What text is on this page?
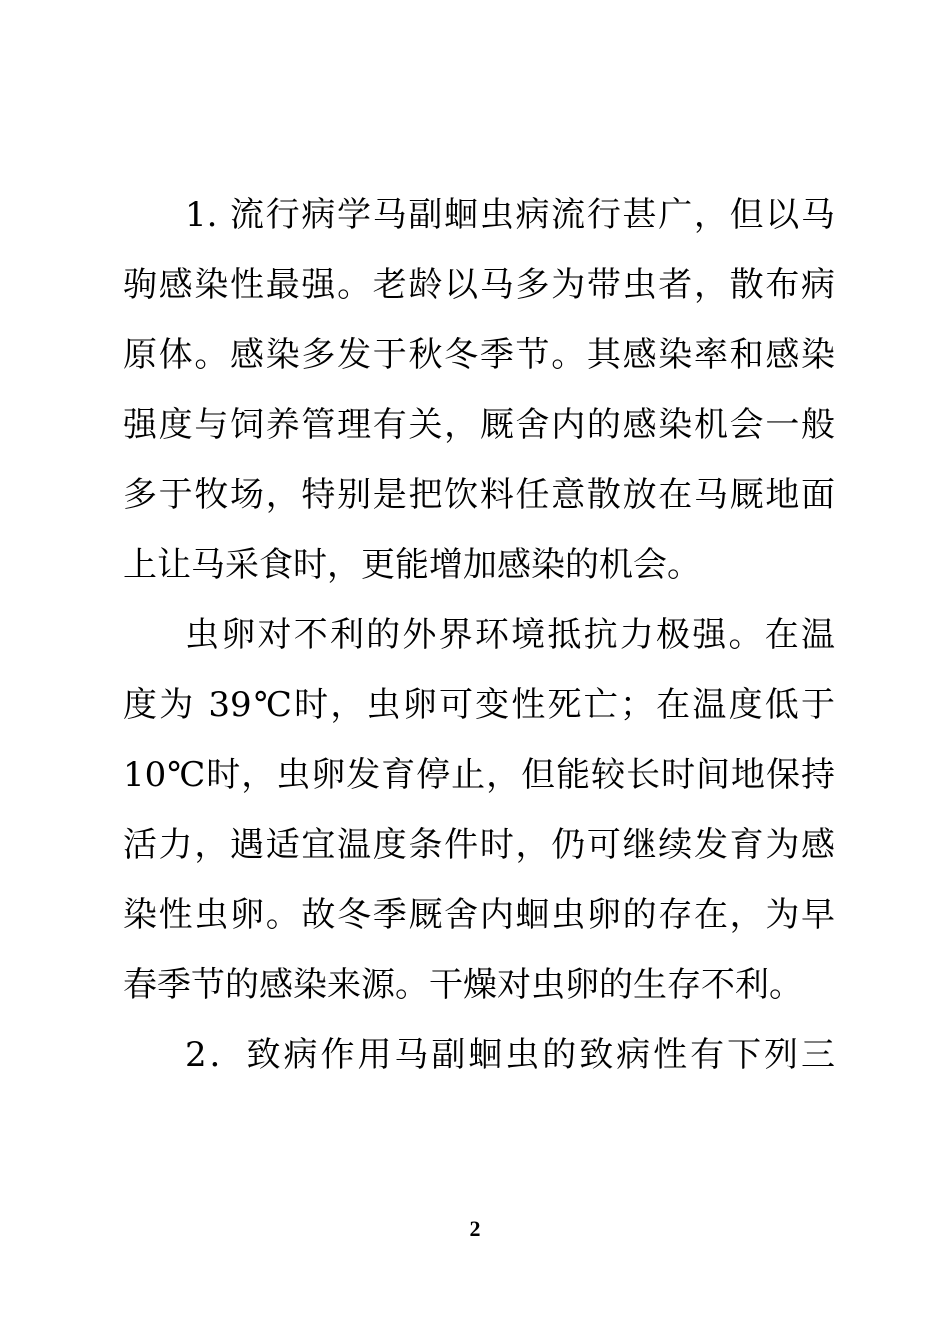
1. 流行病学马副蛔虫病流行甚广，但以马
驹感染性最强。老龄以马多为带虫者，散布病
原体。感染多发于秋冬季节。其感染率和感染
强度与饲养管理有关，厩舍内的感染机会一般
多于牧场，特别是把饮料任意散放在马厩地面
上让马采食时，更能增加感染的机会。
虫卵对不利的外界环境抵抗力极强。在温
度为 39℃时，虫卵可变性死亡；在温度低于
10℃时，虫卵发育停止，但能较长时间地保持
活力，遇适宜温度条件时，仍可继续发育为感
染性虫卵。故冬季厩舍内蛔虫卵的存在，为早
春季节的感染来源。干燥对虫卵的生存不利。
2．致病作用马副蛔虫的致病性有下列三
2
